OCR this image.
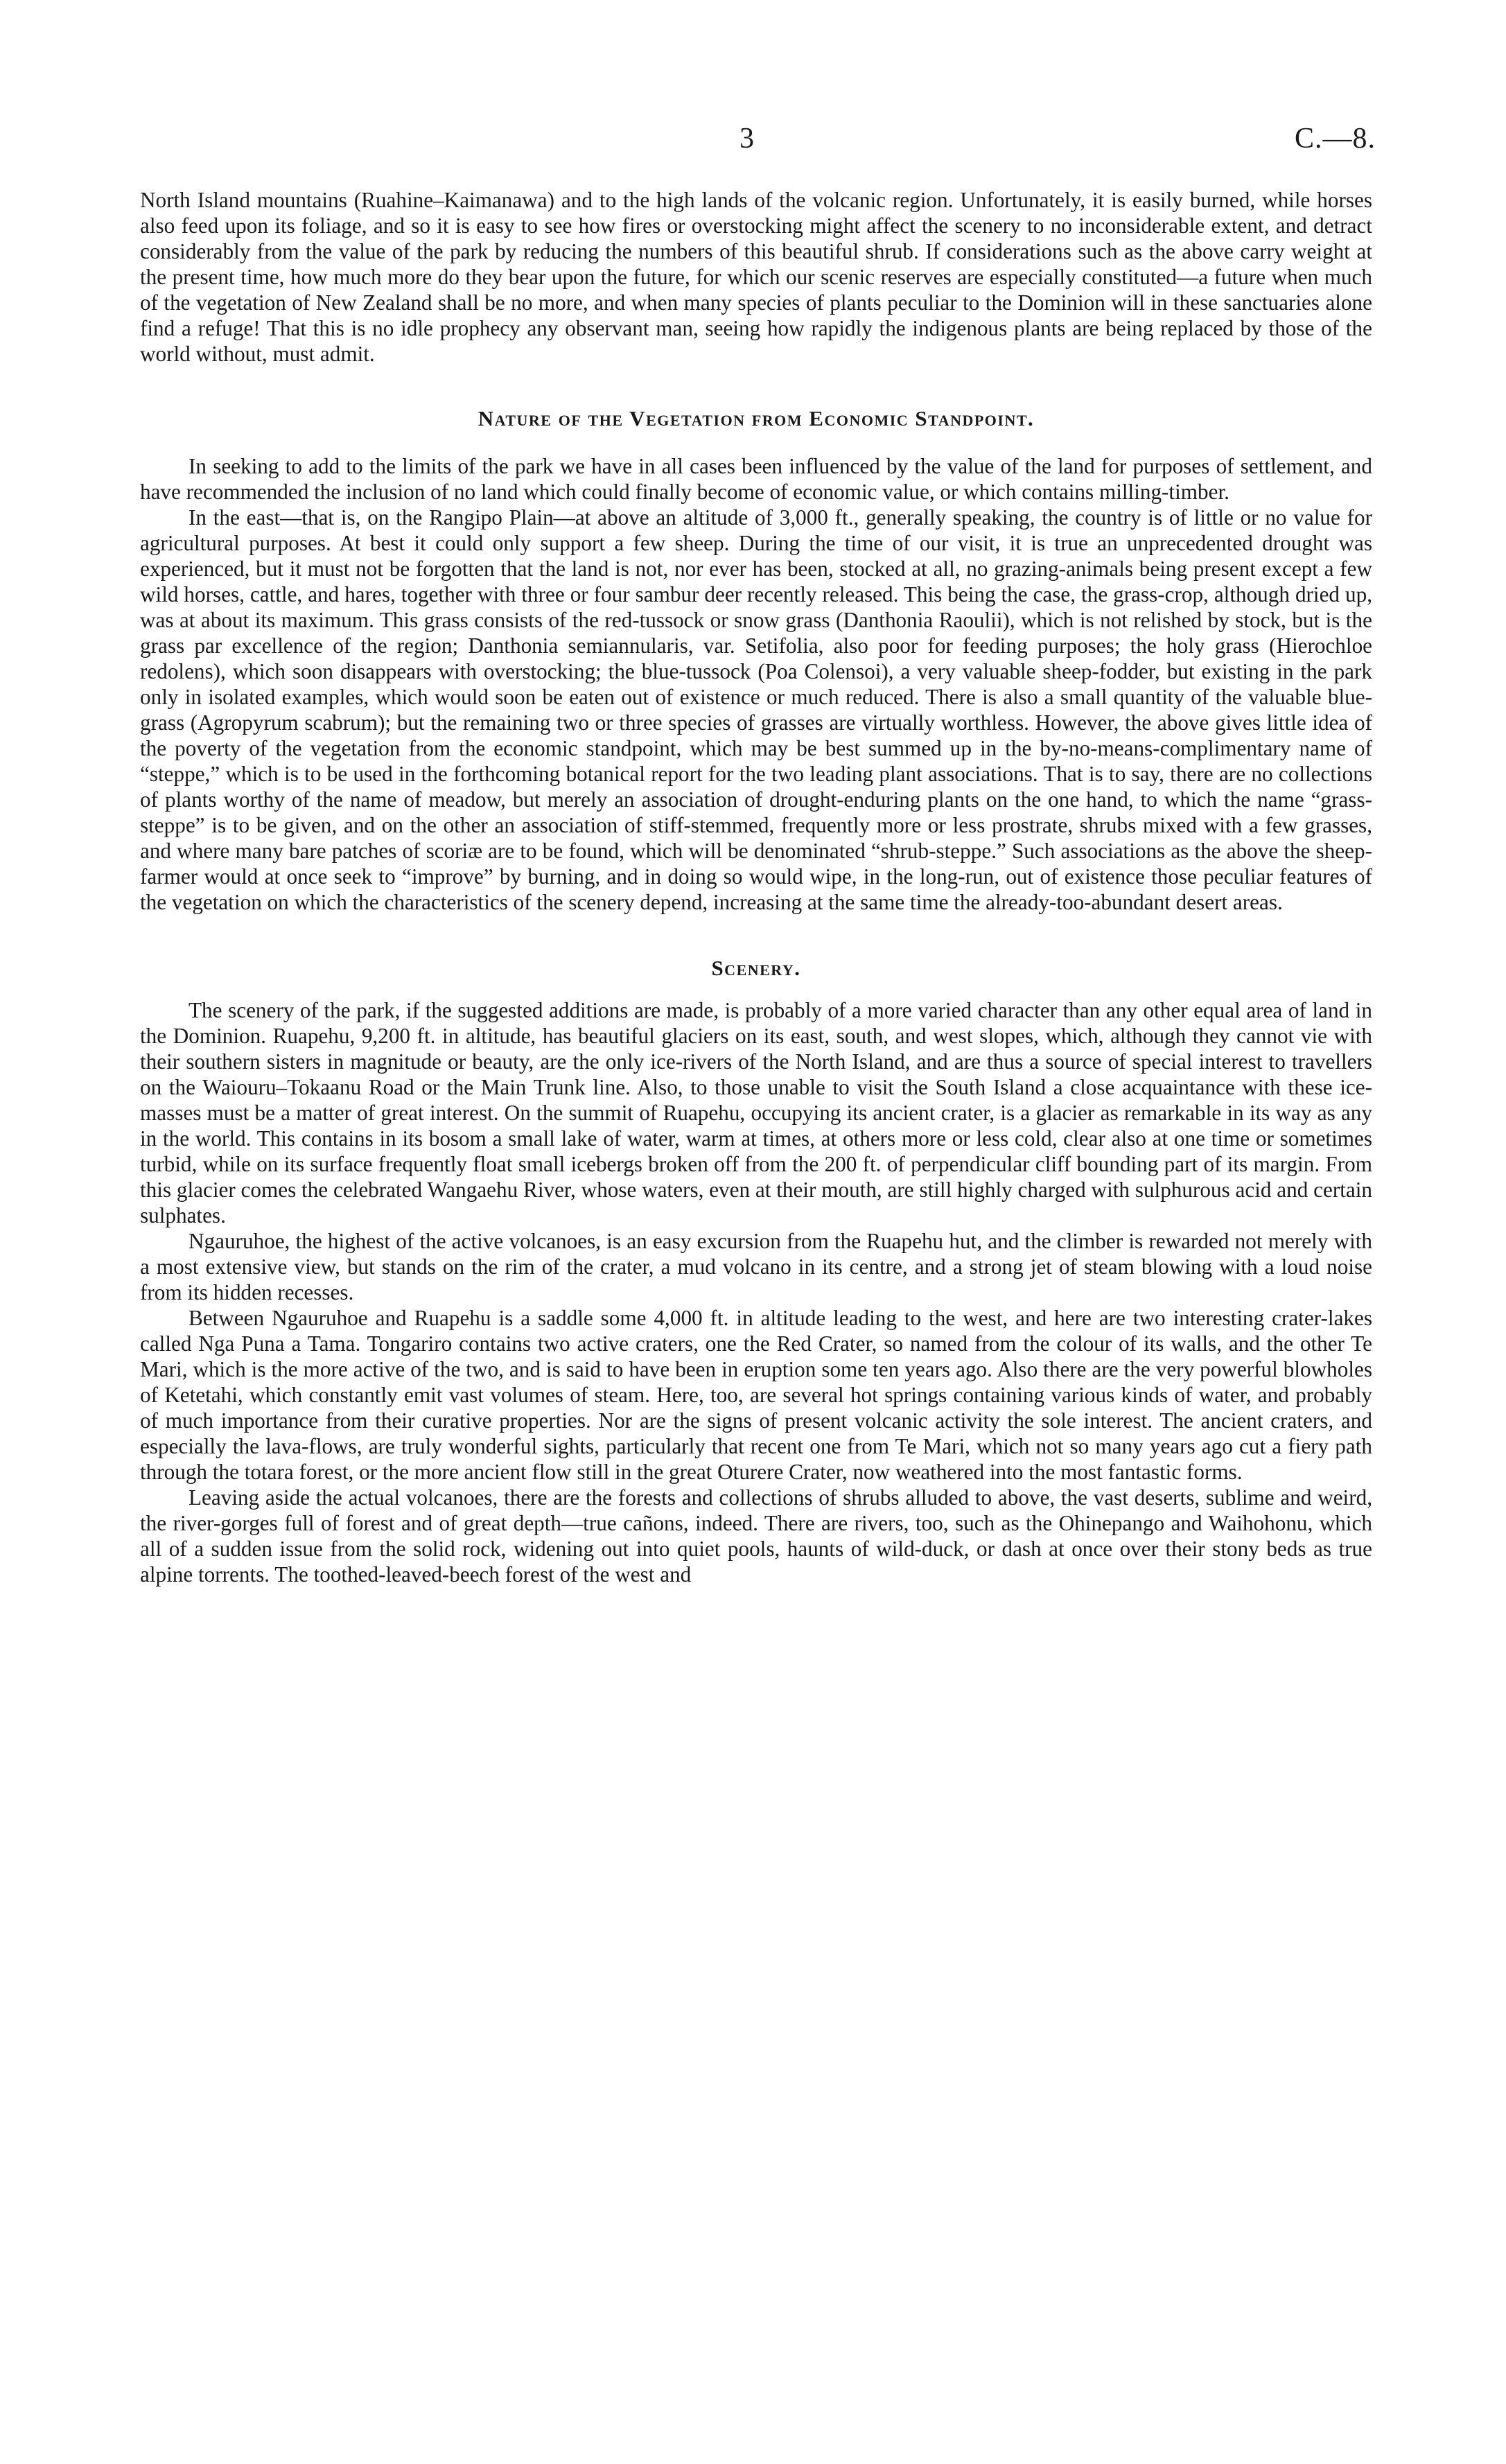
3	C.—8.

North Island mountains (Ruahine–Kaimanawa) and to the high lands of the volcanic region. Unfortunately, it is easily burned, while horses also feed upon its foliage, and so it is easy to see how fires or overstocking might affect the scenery to no inconsiderable extent, and detract considerably from the value of the park by reducing the numbers of this beautiful shrub. If considerations such as the above carry weight at the present time, how much more do they bear upon the future, for which our scenic reserves are especially constituted—a future when much of the vegetation of New Zealand shall be no more, and when many species of plants peculiar to the Dominion will in these sanctuaries alone find a refuge! That this is no idle prophecy any observant man, seeing how rapidly the indigenous plants are being replaced by those of the world without, must admit.

Nature of the Vegetation from Economic Standpoint.

In seeking to add to the limits of the park we have in all cases been influenced by the value of the land for purposes of settlement, and have recommended the inclusion of no land which could finally become of economic value, or which contains milling-timber.

In the east—that is, on the Rangipo Plain—at above an altitude of 3,000 ft., generally speaking, the country is of little or no value for agricultural purposes. At best it could only support a few sheep. During the time of our visit, it is true an unprecedented drought was experienced, but it must not be forgotten that the land is not, nor ever has been, stocked at all, no grazing-animals being present except a few wild horses, cattle, and hares, together with three or four sambur deer recently released. This being the case, the grass-crop, although dried up, was at about its maximum. This grass consists of the red-tussock or snow grass (Danthonia Raoulii), which is not relished by stock, but is the grass par excellence of the region; Danthonia semiannularis, var. Setifolia, also poor for feeding purposes; the holy grass (Hierochloe redolens), which soon disappears with overstocking; the blue-tussock (Poa Colensoi), a very valuable sheep-fodder, but existing in the park only in isolated examples, which would soon be eaten out of existence or much reduced. There is also a small quantity of the valuable blue-grass (Agropyrum scabrum); but the remaining two or three species of grasses are virtually worthless. However, the above gives little idea of the poverty of the vegetation from the economic standpoint, which may be best summed up in the by-no-means-complimentary name of “steppe,” which is to be used in the forthcoming botanical report for the two leading plant associations. That is to say, there are no collections of plants worthy of the name of meadow, but merely an association of drought-enduring plants on the one hand, to which the name “grass-steppe” is to be given, and on the other an association of stiff-stemmed, frequently more or less prostrate, shrubs mixed with a few grasses, and where many bare patches of scoriæ are to be found, which will be denominated “shrub-steppe.” Such associations as the above the sheep-farmer would at once seek to “improve” by burning, and in doing so would wipe, in the long-run, out of existence those peculiar features of the vegetation on which the characteristics of the scenery depend, increasing at the same time the already-too-abundant desert areas.

Scenery.

The scenery of the park, if the suggested additions are made, is probably of a more varied character than any other equal area of land in the Dominion. Ruapehu, 9,200 ft. in altitude, has beautiful glaciers on its east, south, and west slopes, which, although they cannot vie with their southern sisters in magnitude or beauty, are the only ice-rivers of the North Island, and are thus a source of special interest to travellers on the Waiouru–Tokaanu Road or the Main Trunk line. Also, to those unable to visit the South Island a close acquaintance with these ice-masses must be a matter of great interest. On the summit of Ruapehu, occupying its ancient crater, is a glacier as remarkable in its way as any in the world. This contains in its bosom a small lake of water, warm at times, at others more or less cold, clear also at one time or sometimes turbid, while on its surface frequently float small icebergs broken off from the 200 ft. of perpendicular cliff bounding part of its margin. From this glacier comes the celebrated Wangaehu River, whose waters, even at their mouth, are still highly charged with sulphurous acid and certain sulphates.

Ngauruhoe, the highest of the active volcanoes, is an easy excursion from the Ruapehu hut, and the climber is rewarded not merely with a most extensive view, but stands on the rim of the crater, a mud volcano in its centre, and a strong jet of steam blowing with a loud noise from its hidden recesses.

Between Ngauruhoe and Ruapehu is a saddle some 4,000 ft. in altitude leading to the west, and here are two interesting crater-lakes called Nga Puna a Tama. Tongariro contains two active craters, one the Red Crater, so named from the colour of its walls, and the other Te Mari, which is the more active of the two, and is said to have been in eruption some ten years ago. Also there are the very powerful blowholes of Ketetahi, which constantly emit vast volumes of steam. Here, too, are several hot springs containing various kinds of water, and probably of much importance from their curative properties. Nor are the signs of present volcanic activity the sole interest. The ancient craters, and especially the lava-flows, are truly wonderful sights, particularly that recent one from Te Mari, which not so many years ago cut a fiery path through the totara forest, or the more ancient flow still in the great Oturere Crater, now weathered into the most fantastic forms.

Leaving aside the actual volcanoes, there are the forests and collections of shrubs alluded to above, the vast deserts, sublime and weird, the river-gorges full of forest and of great depth—true cañons, indeed. There are rivers, too, such as the Ohinepango and Waihohonu, which all of a sudden issue from the solid rock, widening out into quiet pools, haunts of wild-duck, or dash at once over their stony beds as true alpine torrents. The toothed-leaved-beech forest of the west and
